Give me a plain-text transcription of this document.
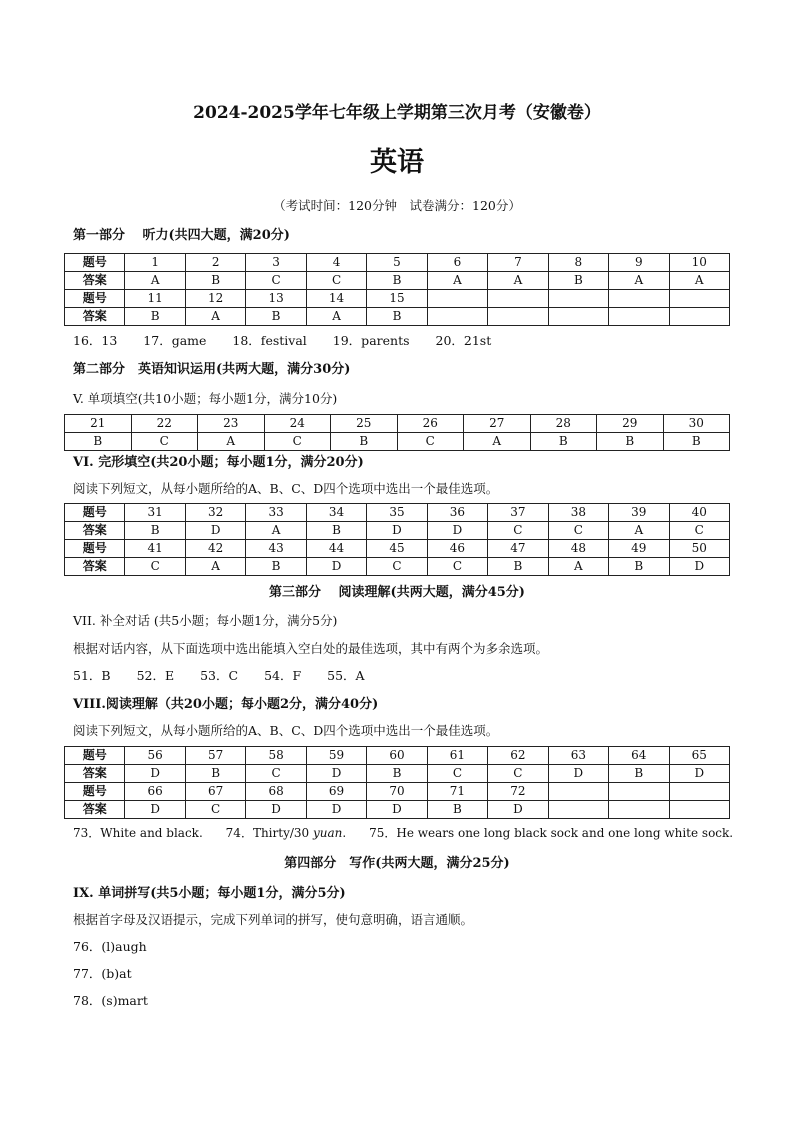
2024-2025学年七年级上学期第三次月考（安徽卷）
英语
（考试时间：120分钟　试卷满分：120分）
第一部分　 听力(共四大题，满20分)
题号	1	2	3	4	5	6	7	8	9	10
答案	A	B	C	C	B	A	A	B	A	A
题号	11	12	13	14	15					
答案	B	A	B	A	B					
16．13 17．game 18．festival 19．parents 20．21st
第二部分　英语知识运用(共两大题，满分30分)
V. 单项填空(共10小题；每小题1分，满分10分)
21	22	23	24	25	26	27	28	29	30
B	C	A	C	B	C	A	B	B	B
VI. 完形填空(共20小题；每小题1分，满分20分)
阅读下列短文，从每小题所给的A、B、C、D四个选项中选出一个最佳选项。
题号	31	32	33	34	35	36	37	38	39	40
答案	B	D	A	B	D	D	C	C	A	C
题号	41	42	43	44	45	46	47	48	49	50
答案	C	A	B	D	C	C	B	A	B	D
第三部分　 阅读理解(共两大题，满分45分)
VII. 补全对话 (共5小题；每小题1分，满分5分)
根据对话内容，从下面选项中选出能填入空白处的最佳选项，其中有两个为多余选项。
51．B 52．E 53．C 54．F 55．A
VIII.阅读理解（共20小题；每小题2分，满分40分)
阅读下列短文，从每小题所给的A、B、C、D四个选项中选出一个最佳选项。
题号	56	57	58	59	60	61	62	63	64	65
答案	D	B	C	D	B	C	C	D	B	D
题号	66	67	68	69	70	71	72			
答案	D	C	D	D	D	B	D			
73．White and black. 74．Thirty/30 yuan. 75．He wears one long black sock and one long white sock.
第四部分　写作(共两大题，满分25分)
IX. 单词拼写(共5小题；每小题1分，满分5分)
根据首字母及汉语提示，完成下列单词的拼写，使句意明确，语言通顺。
76．(l)augh
77．(b)at
78．(s)mart
